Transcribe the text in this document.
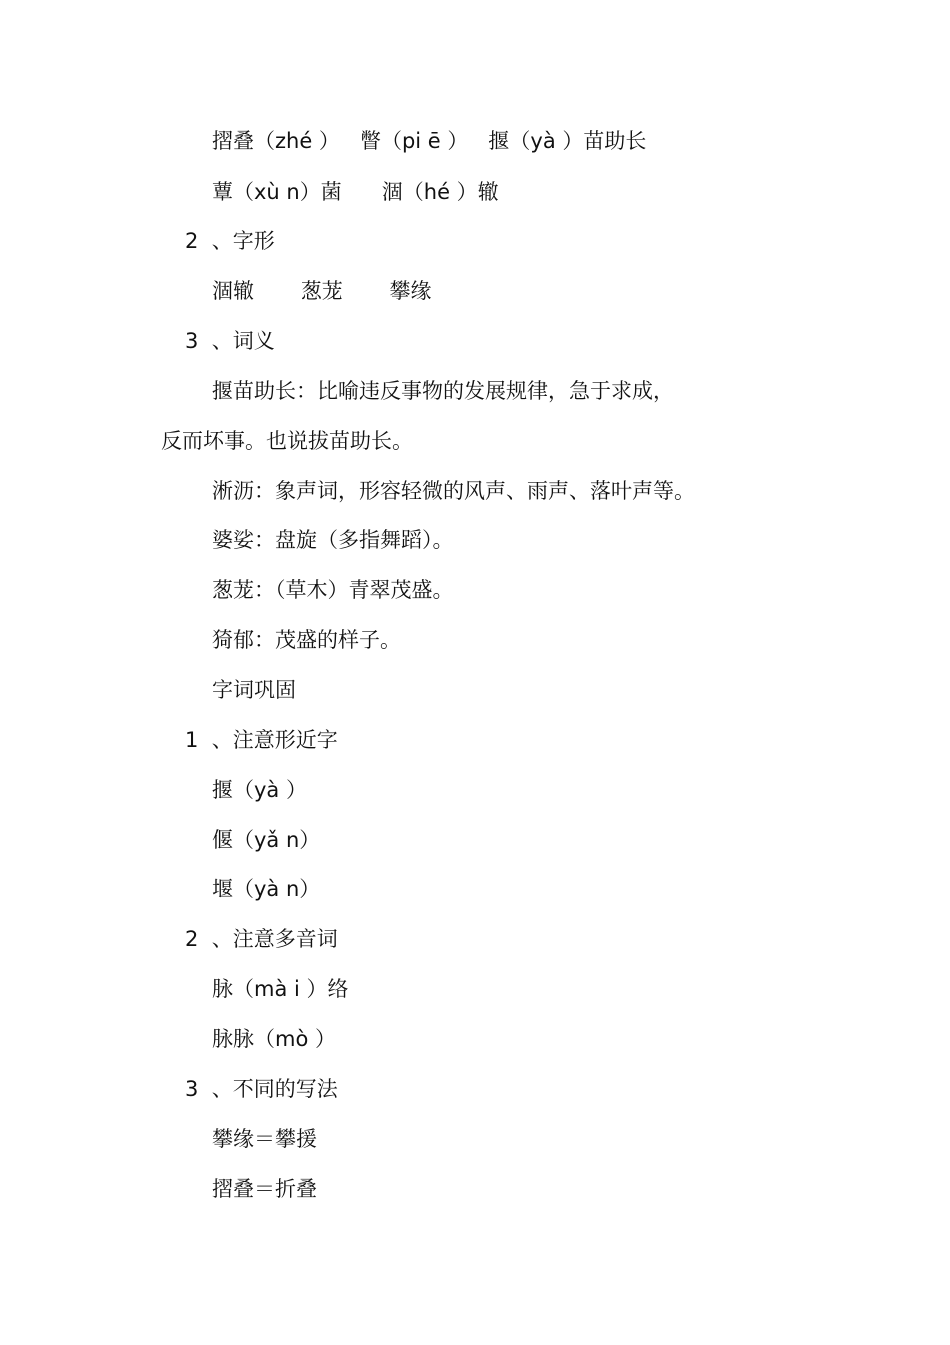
摺叠（zhé ）   瞥（pi ē ）   揠（yà ）苗助长
蕈（xù n）菌      涸（hé ）辙
2  、字形
涸辙       葱茏       攀缘
3  、词义
揠苗助长：比喻违反事物的发展规律，急于求成，
反而坏事。也说拔苗助长。
淅沥：象声词，形容轻微的风声、雨声、落叶声等。
婆娑：盘旋（多指舞蹈）。
葱茏：（草木）青翠茂盛。
猗郁：茂盛的样子。
字词巩固
1  、注意形近字
揠（yà ）
偃（yǎ n）
堰（yà n）
2  、注意多音词
脉（mà i ）络
脉脉（mò ）
3  、不同的写法
攀缘＝攀援
摺叠＝折叠
